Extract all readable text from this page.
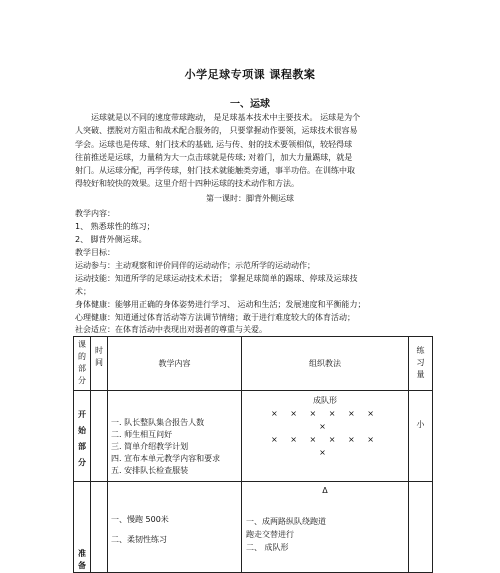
小学足球专项课 课程教案
一、运球
运球就是以不同的速度带球跑动， 是足球基本技术中主要技术。 运球是为个
人突破、摆脱对方阻击和战术配合服务的， 只要掌握动作要领，运球技术很容易
学会。运球也是传球、射门技术的基础, 运与传、射的技术要领相似，较轻得球
往前推送是运球，力量稍为大一点击球就是传球; 对着门，加大力量踢球，就是
射门。从运球分配，再学传球，射门技术就能触类旁通，事半功倍。在训练中取
得较好和较快的效果。这里介绍十四种运球的技术动作和方法。
第一课时：脚背外侧运球
教学内容：
1、 熟悉球性的练习；
2、 脚背外侧运球。
教学目标：
运动参与：主动观察和评价同伴的运动动作；示范所学的运动动作；
运动技能：知道所学的足球运动技术术语； 掌握足球简单的踢球、停球及运球技
术；
身体健康：能够用正确的身体姿势进行学习、 运动和生活；发展速度和平衡能力；
心理健康：知道通过体育活动等方法调节情绪；敢于进行难度较大的体育活动；
社会适应：在体育活动中表现出对弱者的尊重与关爱。
课的部分	时间	教学内容	组织教法	练习量

开始部分		一. 队长整队集合报告人数
二. 师生相互问好
三. 简单介绍教学计划
四. 宣布本单元教学内容和要求
五. 安排队长检查服装	成队形
× × × × × ×
×
× × × × × ×
×	小

准备		一、慢跑 500米
二、柔韧性练习	Δ
一、成两路纵队绕跑道
跑走交替进行
二、 成队形	
